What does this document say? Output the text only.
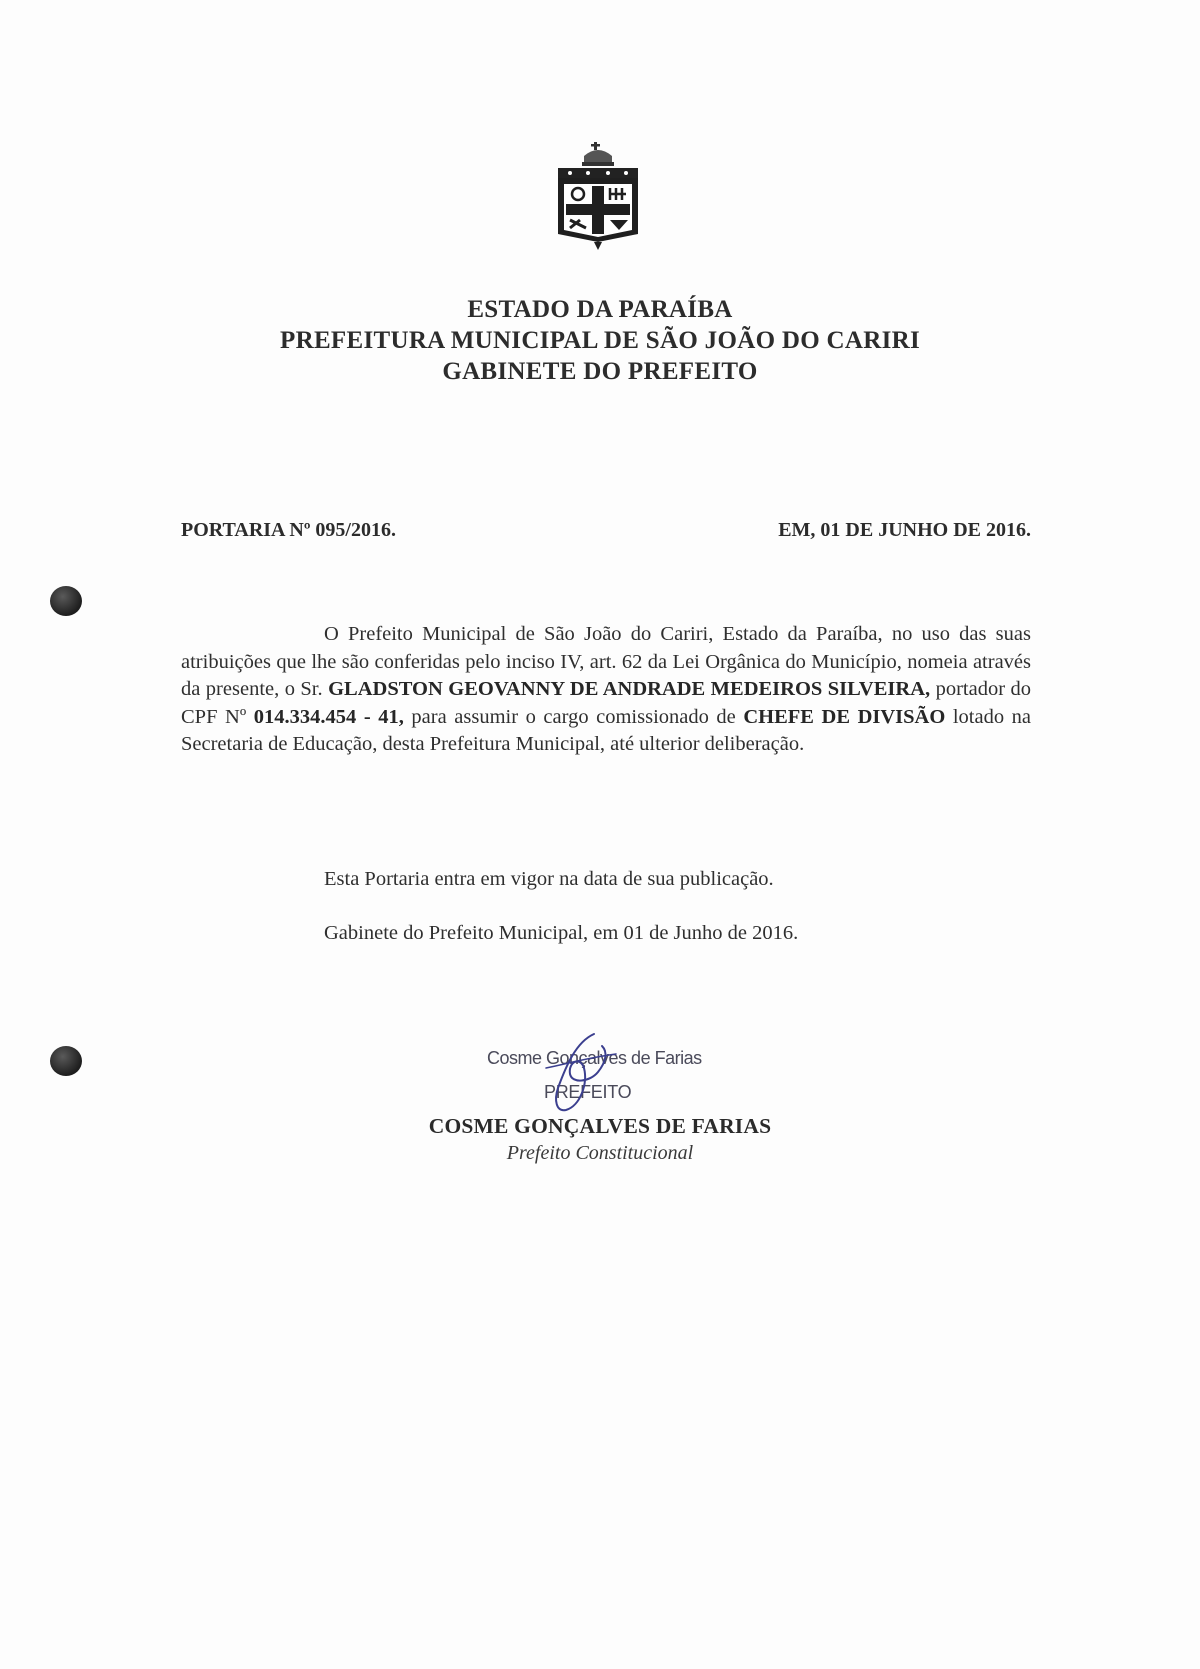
ESTADO DA PARAÍBA
PREFEITURA MUNICIPAL DE SÃO JOÃO DO CARIRI
GABINETE DO PREFEITO
PORTARIA Nº 095/2016.	EM, 01 DE JUNHO DE 2016.

O Prefeito Municipal de São João do Cariri, Estado da Paraíba, no uso das suas atribuições que lhe são conferidas pelo inciso IV, art. 62 da Lei Orgânica do Município, nomeia através da presente, o Sr. GLADSTON GEOVANNY DE ANDRADE MEDEIROS SILVEIRA, portador do CPF Nº 014.334.454 - 41, para assumir o cargo comissionado de CHEFE DE DIVISÃO lotado na Secretaria de Educação, desta Prefeitura Municipal, até ulterior deliberação.

Esta Portaria entra em vigor na data de sua publicação.
Gabinete do Prefeito Municipal, em 01 de Junho de 2016.
Cosme Gonçalves de Farias
PREFEITO
COSME GONÇALVES DE FARIAS
Prefeito Constitucional
